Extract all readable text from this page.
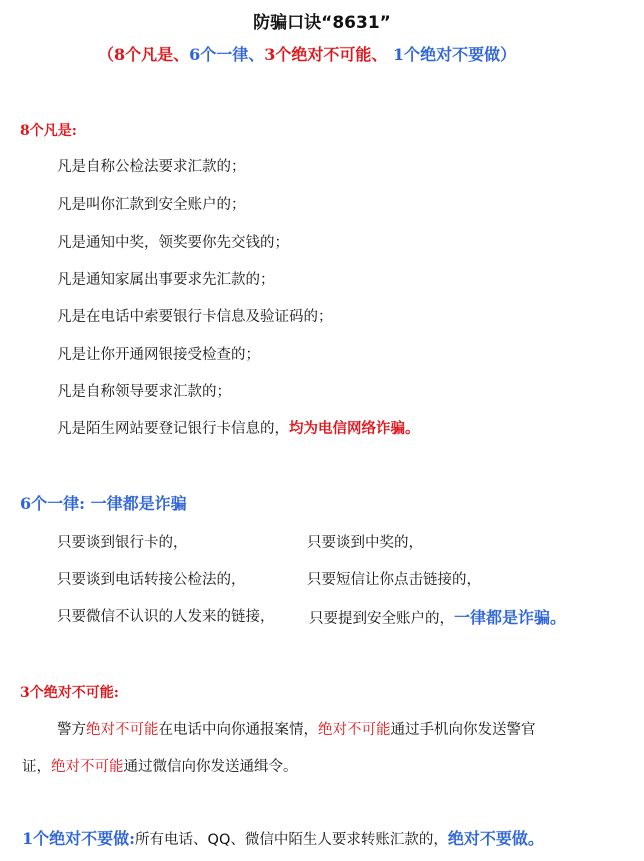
防骗口诀“8631”
（8个凡是、6个一律、3个绝对不可能、 1个绝对不要做）
8个凡是:
凡是自称公检法要求汇款的；
凡是叫你汇款到安全账户的；
凡是通知中奖，领奖要你先交钱的；
凡是通知家属出事要求先汇款的；
凡是在电话中索要银行卡信息及验证码的；
凡是让你开通网银接受检查的；
凡是自称领导要求汇款的；
凡是陌生网站要登记银行卡信息的，均为电信网络诈骗。
6个一律: 一律都是诈骗
只要谈到银行卡的，	只要谈到中奖的，
只要谈到电话转接公检法的，	只要短信让你点击链接的，
只要微信不认识的人发来的链接， 只要提到安全账户的，一律都是诈骗。
3个绝对不可能:
警方绝对不可能在电话中向你通报案情，绝对不可能通过手机向你发送警官
证，绝对不可能通过微信向你发送通缉令。
1个绝对不要做:所有电话、QQ、微信中陌生人要求转账汇款的，绝对不要做。
